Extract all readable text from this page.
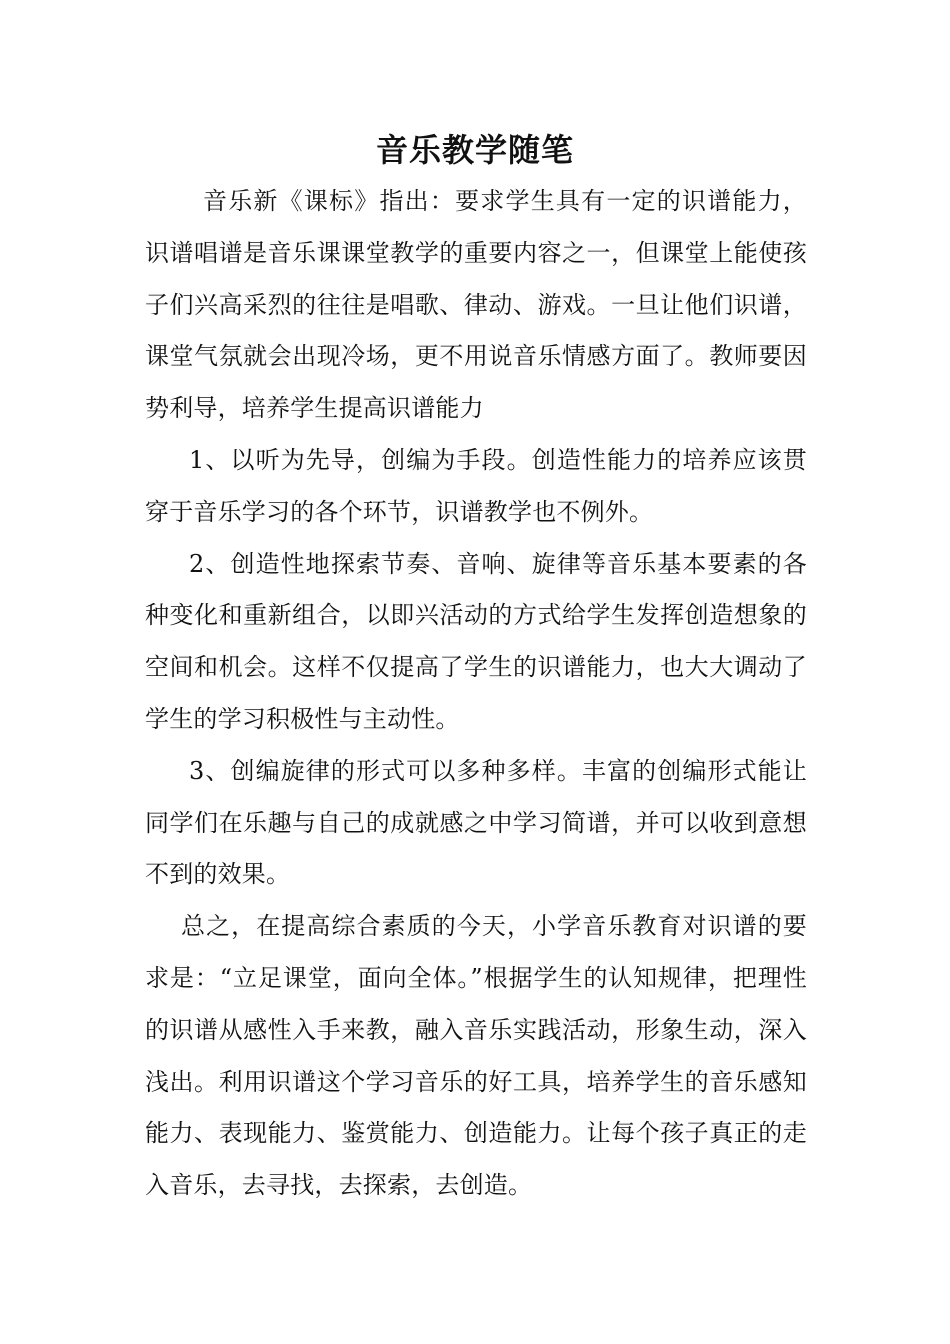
音乐教学随笔

音乐新《课标》指出：要求学生具有一定的识谱能力，识谱唱谱是音乐课课堂教学的重要内容之一，但课堂上能使孩子们兴高采烈的往往是唱歌、律动、游戏。一旦让他们识谱，课堂气氛就会出现冷场，更不用说音乐情感方面了。教师要因势利导，培养学生提高识谱能力

1、以听为先导，创编为手段。创造性能力的培养应该贯穿于音乐学习的各个环节，识谱教学也不例外。

2、创造性地探索节奏、音响、旋律等音乐基本要素的各种变化和重新组合，以即兴活动的方式给学生发挥创造想象的空间和机会。这样不仅提高了学生的识谱能力，也大大调动了学生的学习积极性与主动性。

3、创编旋律的形式可以多种多样。丰富的创编形式能让同学们在乐趣与自己的成就感之中学习简谱，并可以收到意想不到的效果。

总之，在提高综合素质的今天，小学音乐教育对识谱的要求是：“立足课堂，面向全体。”根据学生的认知规律，把理性的识谱从感性入手来教，融入音乐实践活动，形象生动，深入浅出。利用识谱这个学习音乐的好工具，培养学生的音乐感知能力、表现能力、鉴赏能力、创造能力。让每个孩子真正的走入音乐，去寻找，去探索，去创造。
